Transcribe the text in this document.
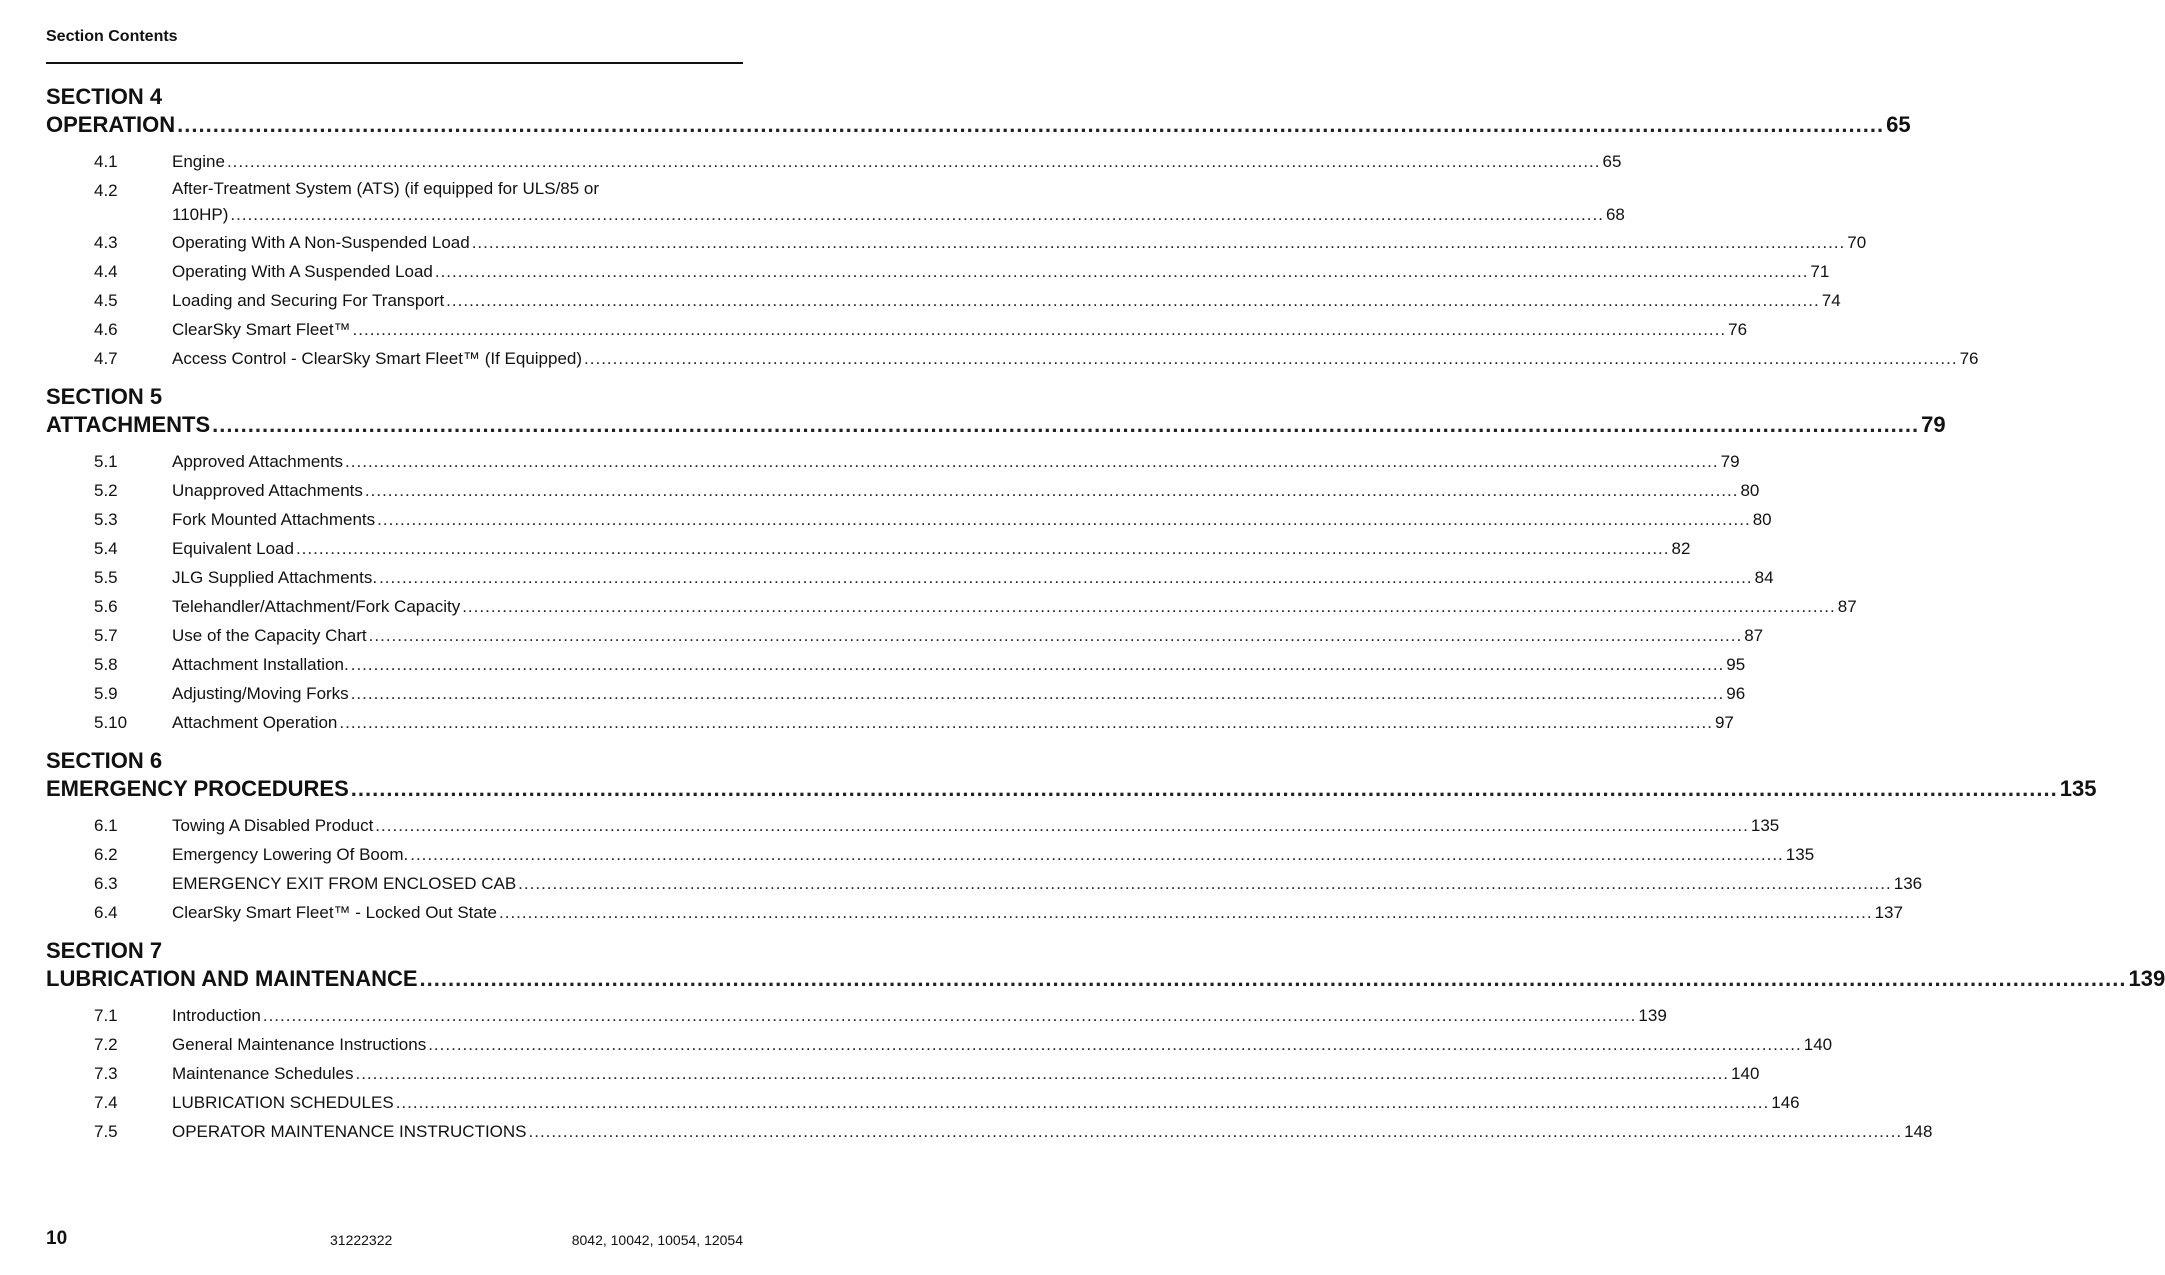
Section Contents
SECTION 4
OPERATION .....	65
4.1	Engine .....	65
4.2	After-Treatment System (ATS) (if equipped for ULS/85 or
110HP) .....	68
4.3	Operating With A Non-Suspended Load .....	70
4.4	Operating With A Suspended Load .....	71
4.5	Loading and Securing For Transport .....	74
4.6	ClearSky Smart Fleet™ .....	76
4.7	Access Control - ClearSky Smart Fleet™ (If Equipped) .....	76
SECTION 5
ATTACHMENTS .....	79
5.1	Approved Attachments .....	79
5.2	Unapproved Attachments .....	80
5.3	Fork Mounted Attachments .....	80
5.4	Equivalent Load .....	82
5.5	JLG Supplied Attachments. .....	84
5.6	Telehandler/Attachment/Fork Capacity .....	87
5.7	Use of the Capacity Chart .....	87
5.8	Attachment Installation. .....	95
5.9	Adjusting/Moving Forks .....	96
5.10	Attachment Operation .....	97
SECTION 6
EMERGENCY PROCEDURES .....	135
6.1	Towing A Disabled Product .....	135
6.2	Emergency Lowering Of Boom. .....	135
6.3	EMERGENCY EXIT FROM ENCLOSED CAB .....	136
6.4	ClearSky Smart Fleet™ - Locked Out State .....	137
SECTION 7
LUBRICATION AND MAINTENANCE .....	139
7.1	Introduction .....	139
7.2	General Maintenance Instructions .....	140
7.3	Maintenance Schedules .....	140
7.4	LUBRICATION SCHEDULES .....	146
7.5	OPERATOR MAINTENANCE INSTRUCTIONS .....	148
10	31222322	8042, 10042, 10054, 12054
